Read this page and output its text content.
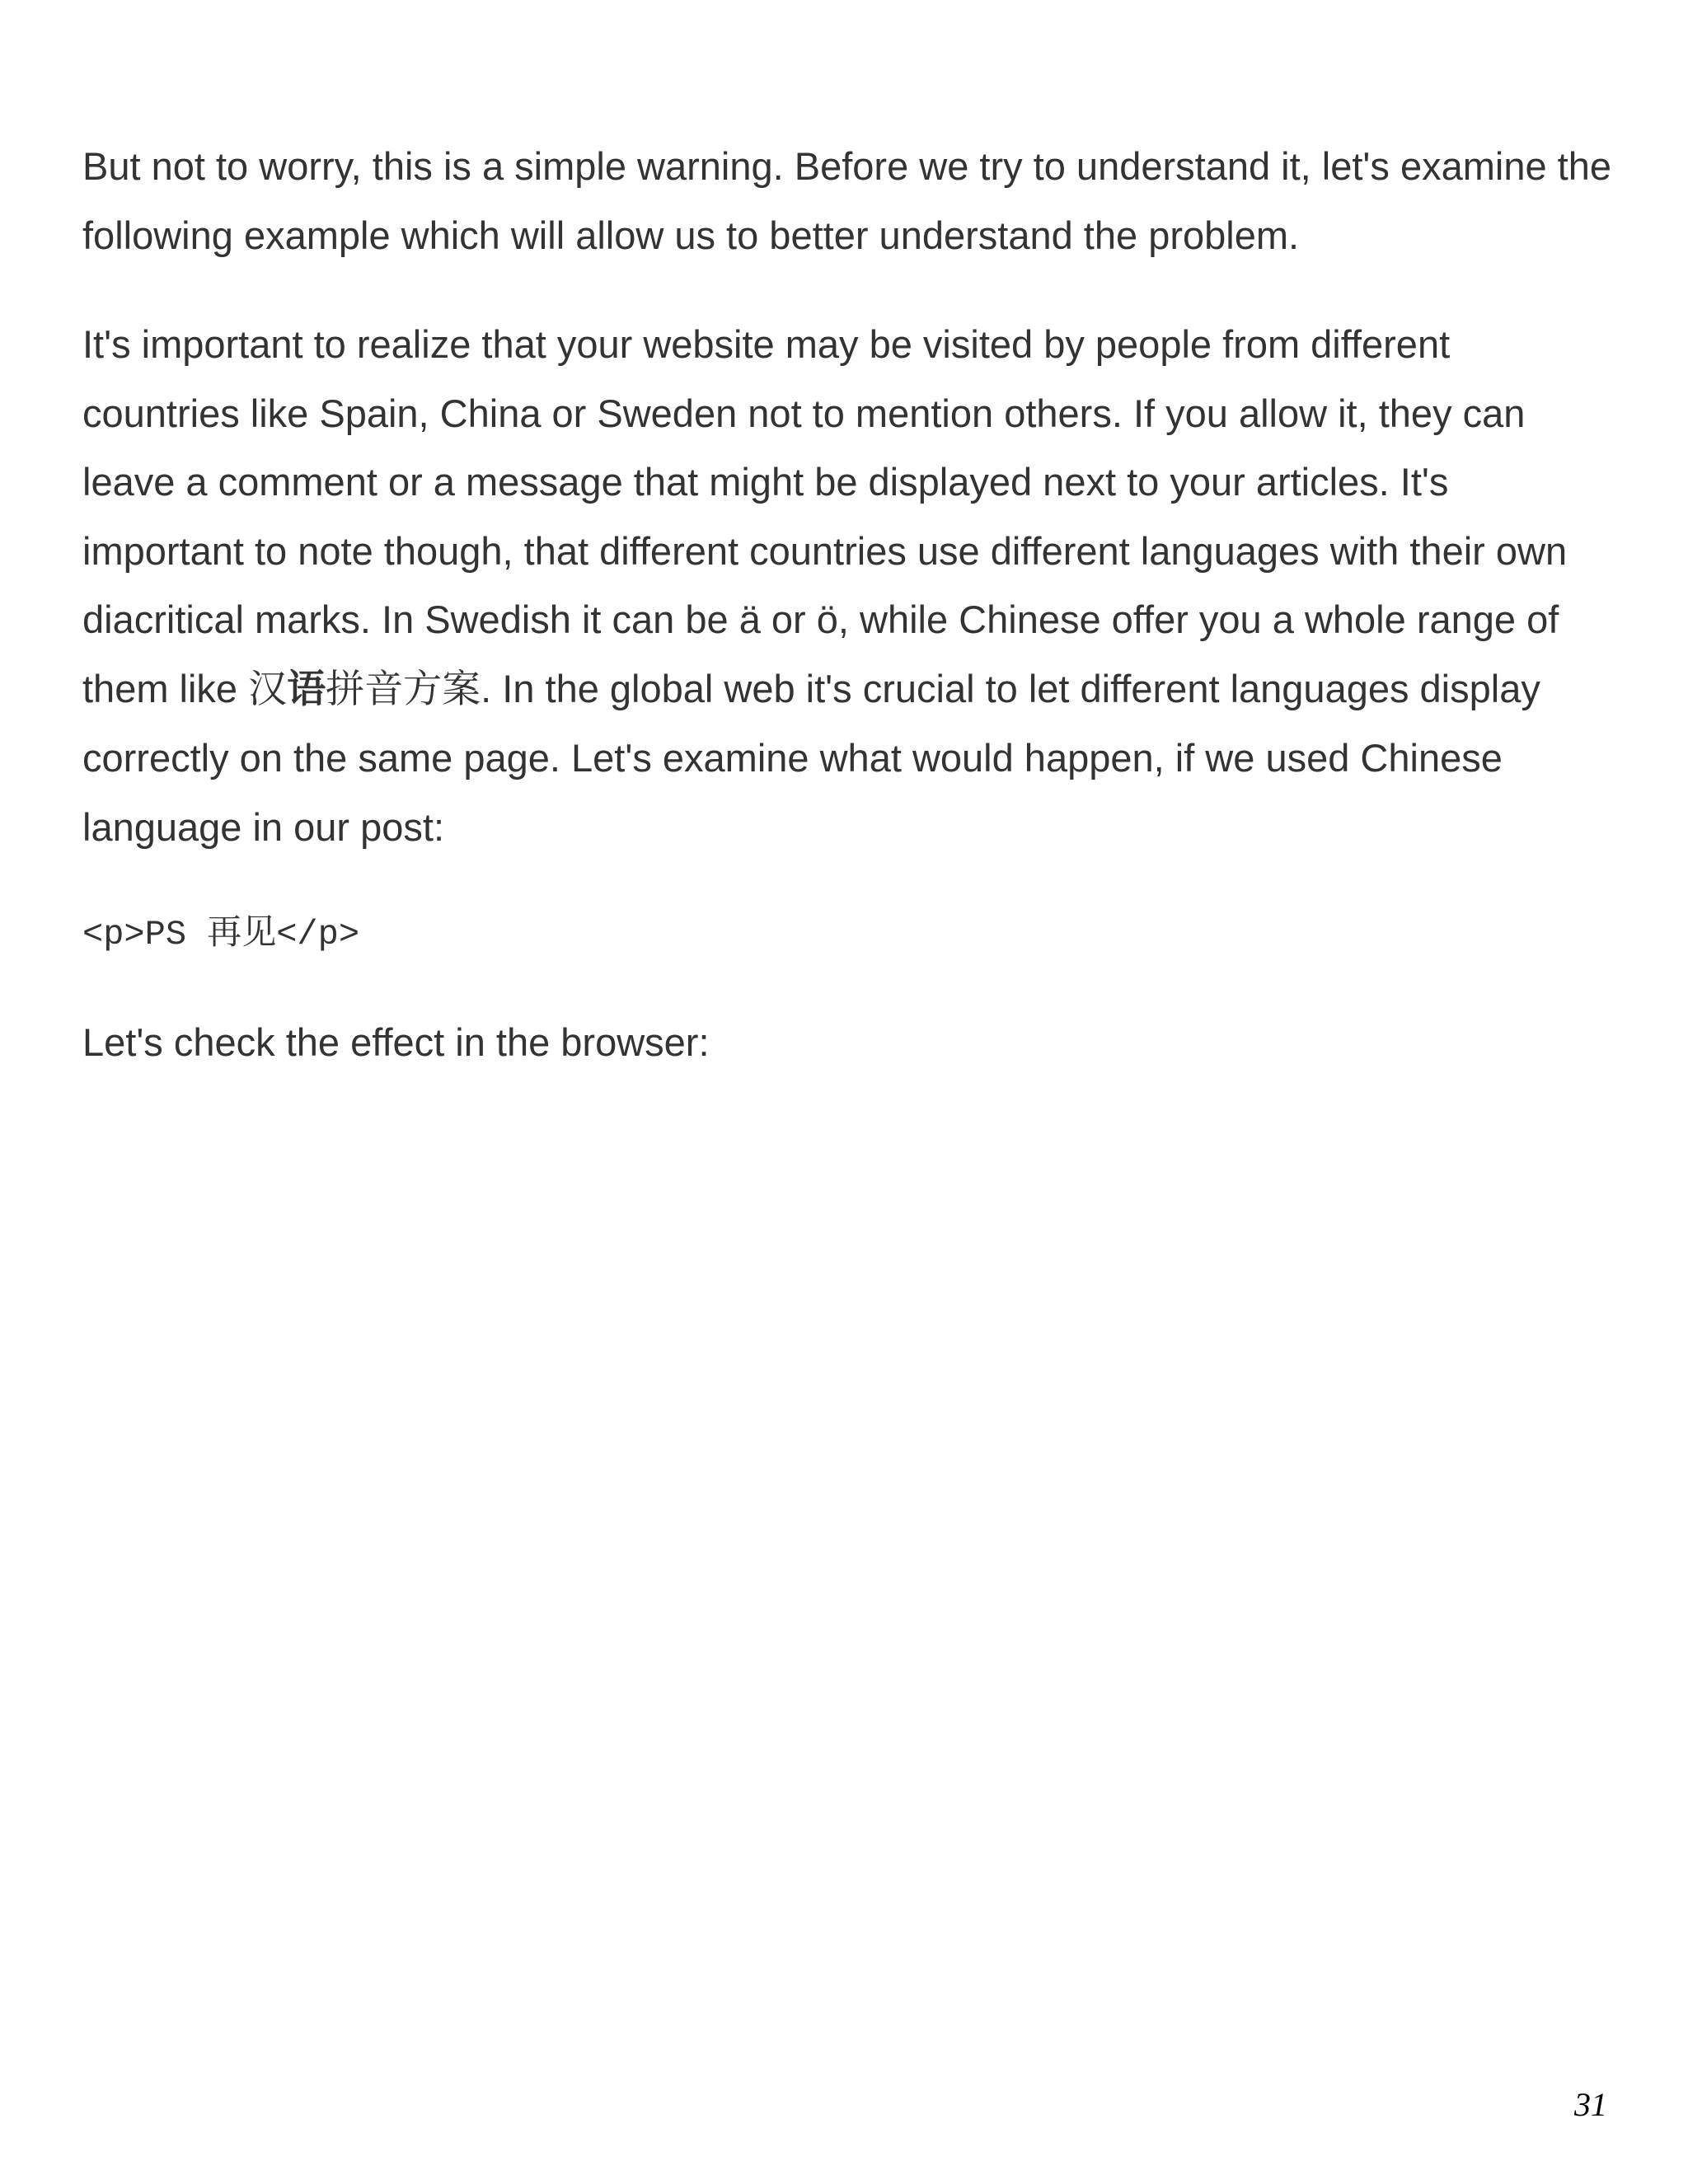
But not to worry, this is a simple warning. Before we try to understand it, let's examine the following example which will allow us to better understand the problem.

It's important to realize that your website may be visited by people from different countries like Spain, China or Sweden not to mention others. If you allow it, they can leave a comment or a message that might be displayed next to your articles. It's important to note though, that different countries use different languages with their own diacritical marks. In Swedish it can be ä or ö, while Chinese offer you a whole range of them like 汉语拼音方案. In the global web it's crucial to let different languages display correctly on the same page. Let's examine what would happen, if we used Chinese language in our post:

<p>PS 再见</p>

Let's check the effect in the browser:

31
